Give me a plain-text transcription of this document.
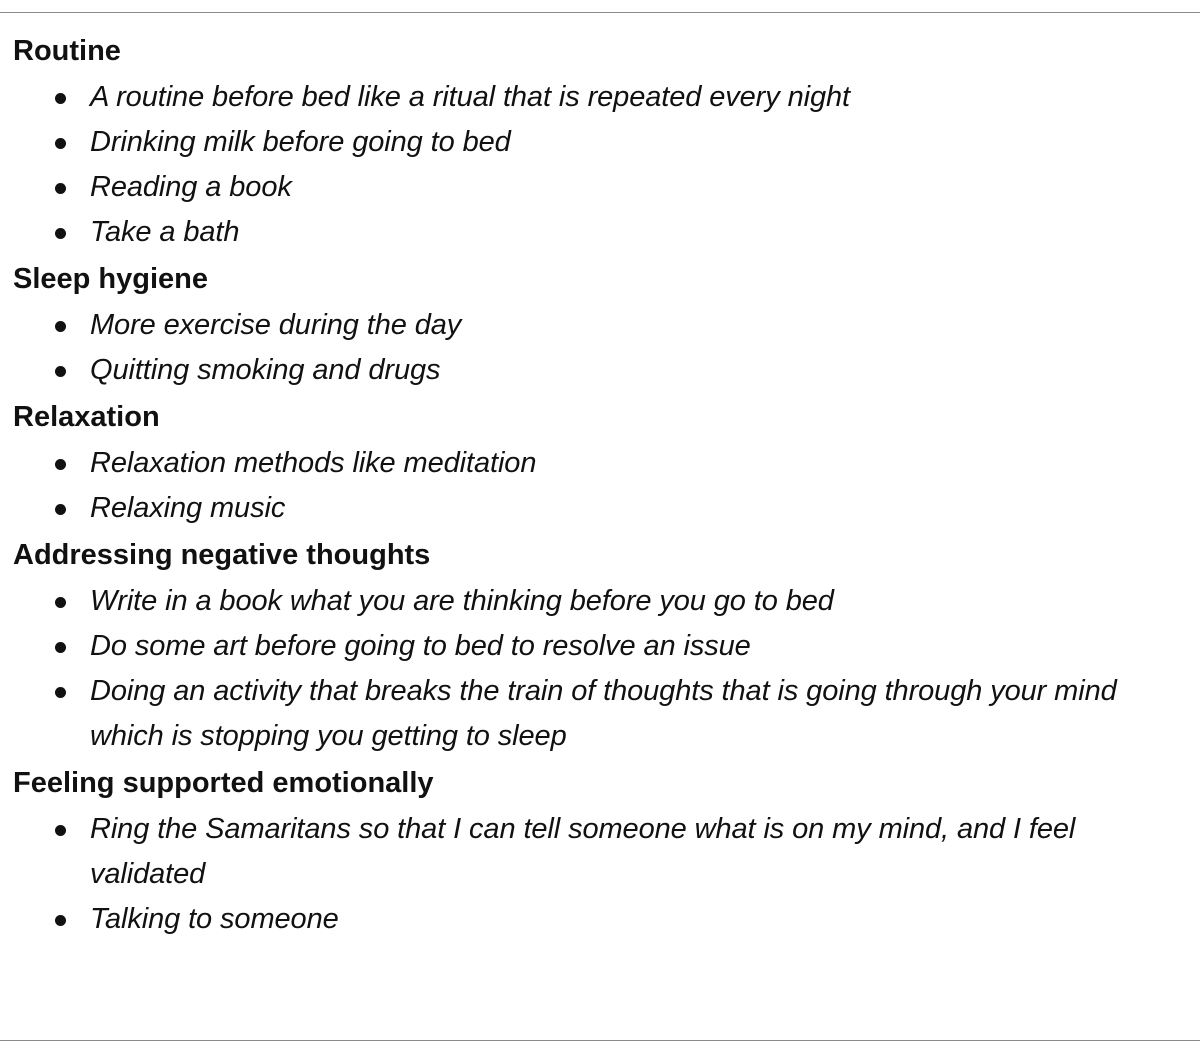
Routine
A routine before bed like a ritual that is repeated every night
Drinking milk before going to bed
Reading a book
Take a bath
Sleep hygiene
More exercise during the day
Quitting smoking and drugs
Relaxation
Relaxation methods like meditation
Relaxing music
Addressing negative thoughts
Write in a book what you are thinking before you go to bed
Do some art before going to bed to resolve an issue
Doing an activity that breaks the train of thoughts that is going through your mind which is stopping you getting to sleep
Feeling supported emotionally
Ring the Samaritans so that I can tell someone what is on my mind, and I feel validated
Talking to someone
